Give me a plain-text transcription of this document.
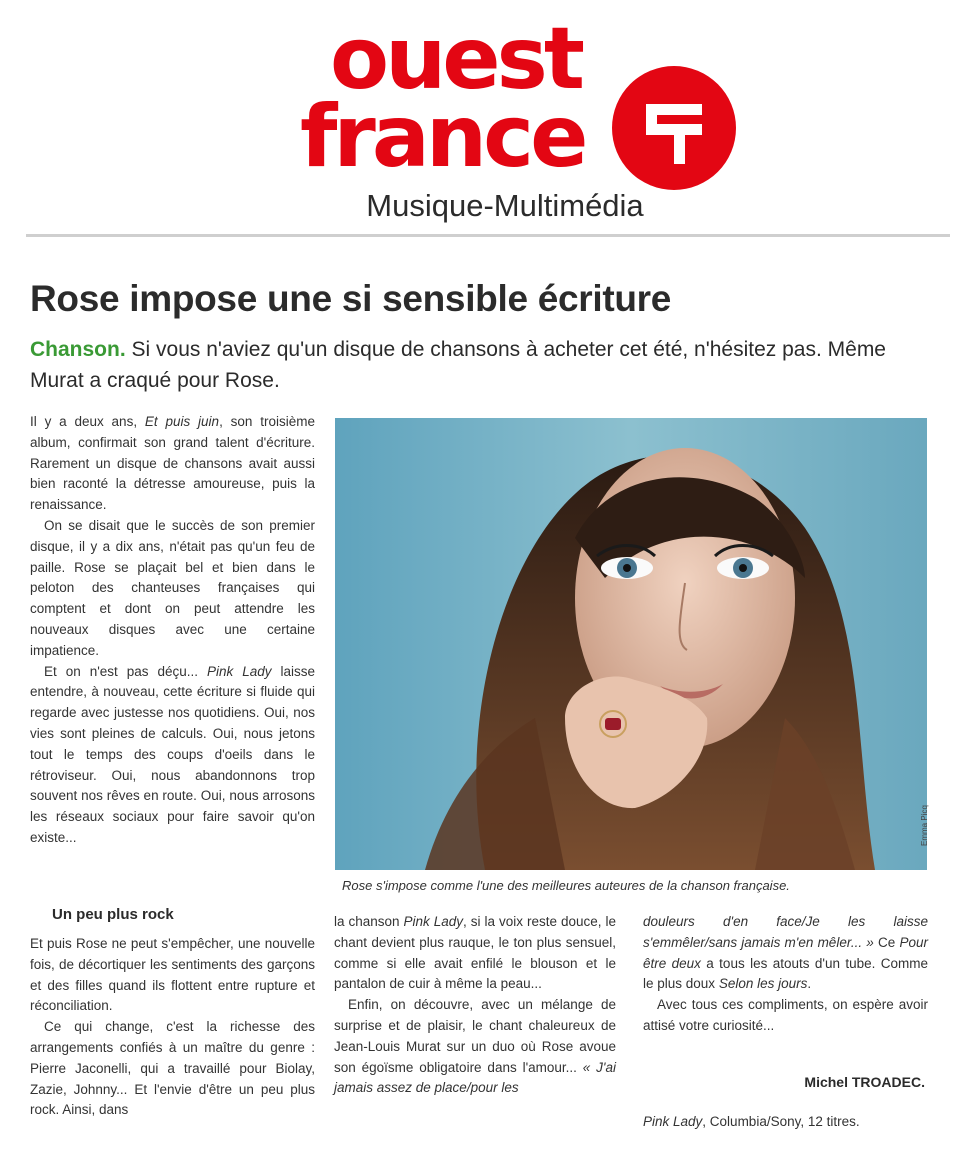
ouest
france
Musique-Multimédia
Rose impose une si sensible écriture
Chanson. Si vous n'aviez qu'un disque de chansons à acheter cet été, n'hésitez pas. Même Murat a craqué pour Rose.

Il y a deux ans, Et puis juin, son troisième album, confirmait son grand talent d'écriture. Rarement un disque de chansons avait aussi bien raconté la détresse amoureuse, puis la renaissance.

On se disait que le succès de son premier disque, il y a dix ans, n'était pas qu'un feu de paille. Rose se plaçait bel et bien dans le peloton des chanteuses françaises qui comptent et dont on peut attendre les nouveaux disques avec une certaine impatience.

Et on n'est pas déçu... Pink Lady laisse entendre, à nouveau, cette écriture si fluide qui regarde avec justesse nos quotidiens. Oui, nos vies sont pleines de calculs. Oui, nous jetons tout le temps des coups d'oeils dans le rétroviseur. Oui, nous abandonnons trop souvent nos rêves en route. Oui, nous arrosons les réseaux sociaux pour faire savoir qu'on existe...

Un peu plus rock

Et puis Rose ne peut s'empêcher, une nouvelle fois, de décortiquer les sentiments des garçons et des filles quand ils flottent entre rupture et réconciliation.

Ce qui change, c'est la richesse des arrangements confiés à un maître du genre : Pierre Jaconelli, qui a travaillé pour Biolay, Zazie, Johnny... Et l'envie d'être un peu plus rock. Ainsi, dans

Emma Picq
Rose s'impose comme l'une des meilleures auteures de la chanson française.

la chanson Pink Lady, si la voix reste douce, le chant devient plus rauque, le ton plus sensuel, comme si elle avait enfilé le blouson et le pantalon de cuir à même la peau...

Enfin, on découvre, avec un mélange de surprise et de plaisir, le chant chaleureux de Jean-Louis Murat sur un duo où Rose avoue son égoïsme obligatoire dans l'amour... « J'ai jamais assez de place/pour les

douleurs d'en face/Je les laisse s'emmêler/sans jamais m'en mêler... » Ce Pour être deux a tous les atouts d'un tube. Comme le plus doux Selon les jours.

Avec tous ces compliments, on espère avoir attisé votre curiosité...

Michel TROADEC.
Pink Lady, Columbia/Sony, 12 titres.
